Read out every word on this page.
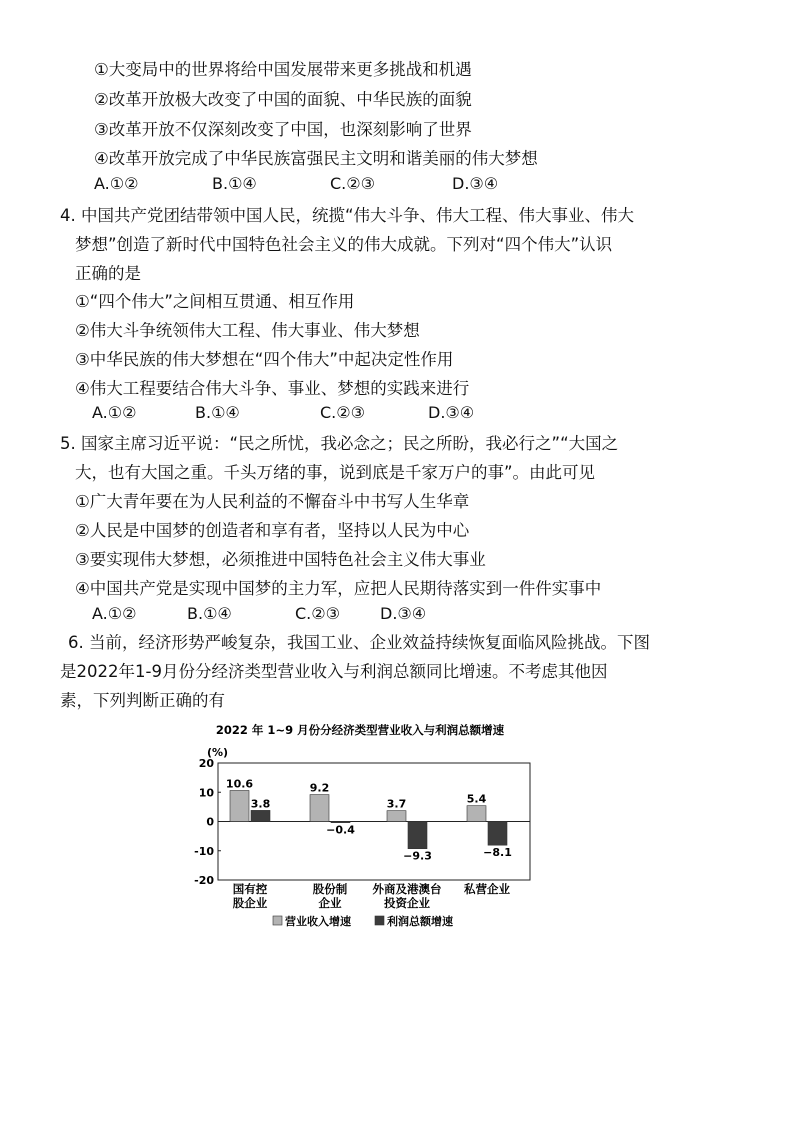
①大变局中的世界将给中国发展带来更多挑战和机遇
②改革开放极大改变了中国的面貌、中华民族的面貌
③改革开放不仅深刻改变了中国，也深刻影响了世界
④改革开放完成了中华民族富强民主文明和谐美丽的伟大梦想
A.①②	B.①④	C.②③	D.③④
4. 中国共产党团结带领中国人民，统揽“伟大斗争、伟大工程、伟大事业、伟大
梦想”创造了新时代中国特色社会主义的伟大成就。下列对“四个伟大”认识
正确的是
①“四个伟大”之间相互贯通、相互作用
②伟大斗争统领伟大工程、伟大事业、伟大梦想
③中华民族的伟大梦想在“四个伟大”中起决定性作用
④伟大工程要结合伟大斗争、事业、梦想的实践来进行
A.①②	B.①④	C.②③	D.③④
5. 国家主席习近平说：“民之所忧，我必念之；民之所盼，我必行之”“大国之
大，也有大国之重。千头万绪的事，说到底是千家万户的事”。由此可见
①广大青年要在为人民利益的不懈奋斗中书写人生华章
②人民是中国梦的创造者和享有者，坚持以人民为中心
③要实现伟大梦想，必须推进中国特色社会主义伟大事业
④中国共产党是实现中国梦的主力军，应把人民期待落实到一件件实事中
A.①②	B.①④	C.②③	D.③④
6. 当前，经济形势严峻复杂，我国工业、企业效益持续恢复面临风险挑战。下图
是2022年1-9月份分经济类型营业收入与利润总额同比增速。不考虑其他因
素，下列判断正确的有
2022 年 1~9 月份分经济类型营业收入与利润总额增速
(%)
20
10
0
-10
-20
10.6	9.2
3.7	5.4
3.8
−0.4
−9.3	−8.1
国有控
股企业
股份制
企业
外商及港澳台
投资企业
私营企业
营业收入增速	利润总额增速
